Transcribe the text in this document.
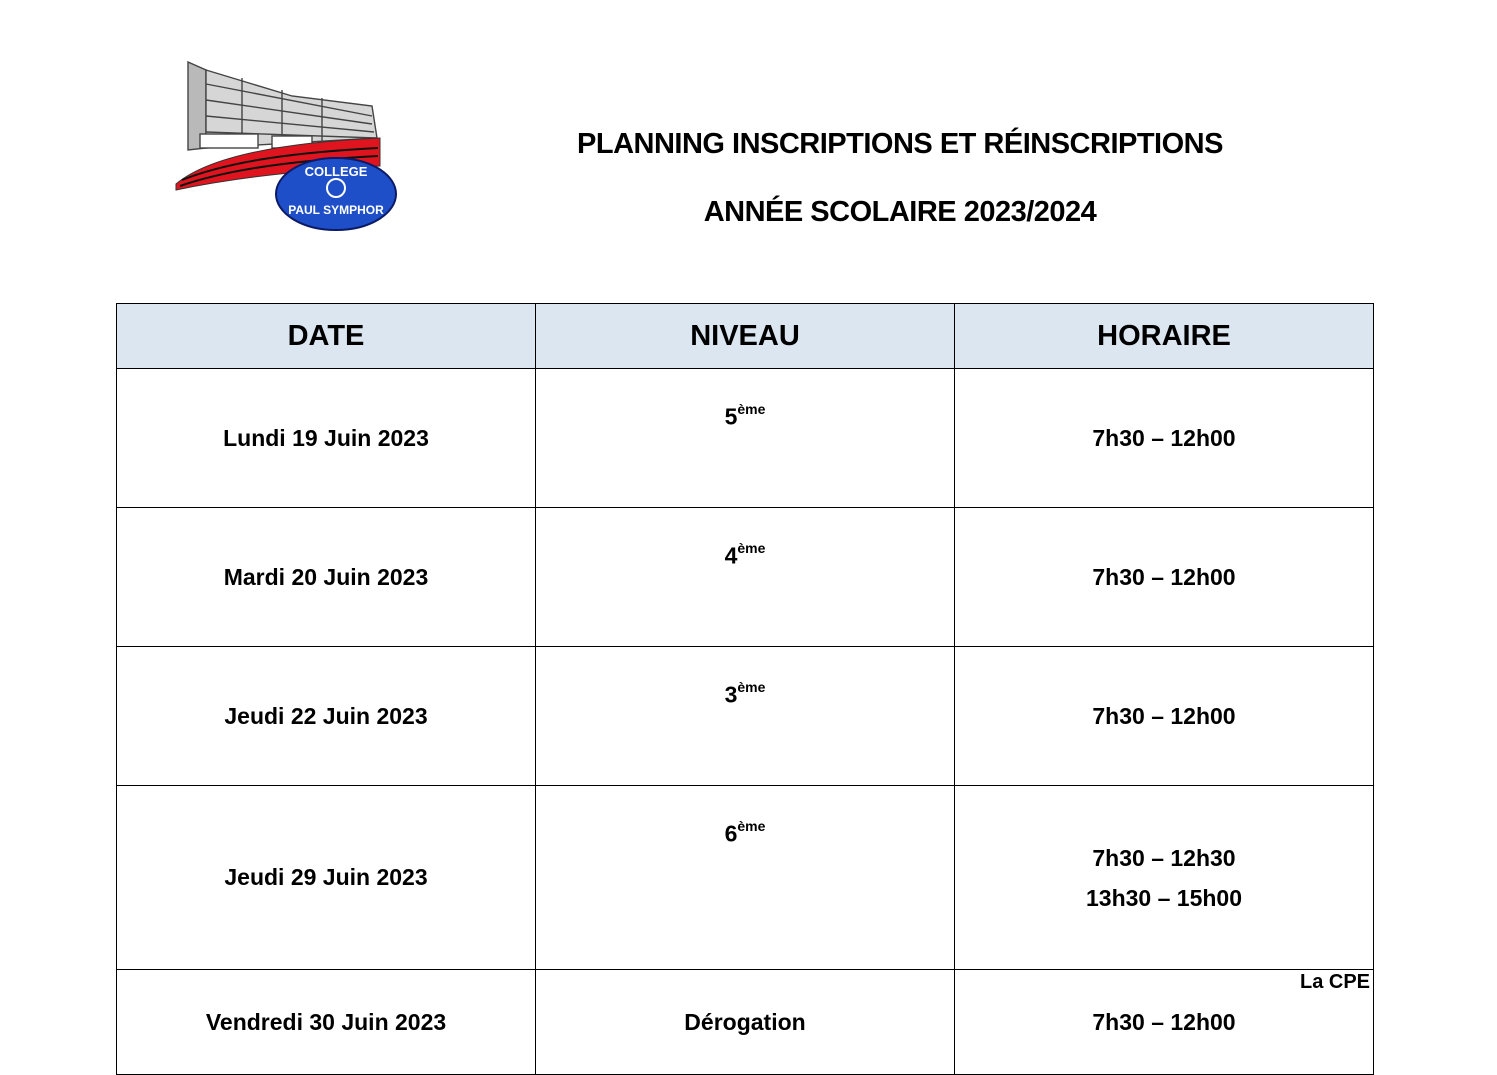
COLLEGE
PAUL SYMPHOR
PLANNING INSCRIPTIONS ET RÉINSCRIPTIONS
ANNÉE SCOLAIRE 2023/2024
DATE	NIVEAU	HORAIRE
Lundi 19 Juin 2023	5ème	7h30 – 12h00

Mardi 20 Juin 2023	4ème	7h30 – 12h00

Jeudi 22 Juin 2023	3ème	7h30 – 12h00

Jeudi 29 Juin 2023	6ème	7h30 – 12h30
13h30 – 15h00

Vendredi 30 Juin 2023	Dérogation	7h30 – 12h00
La CPE
